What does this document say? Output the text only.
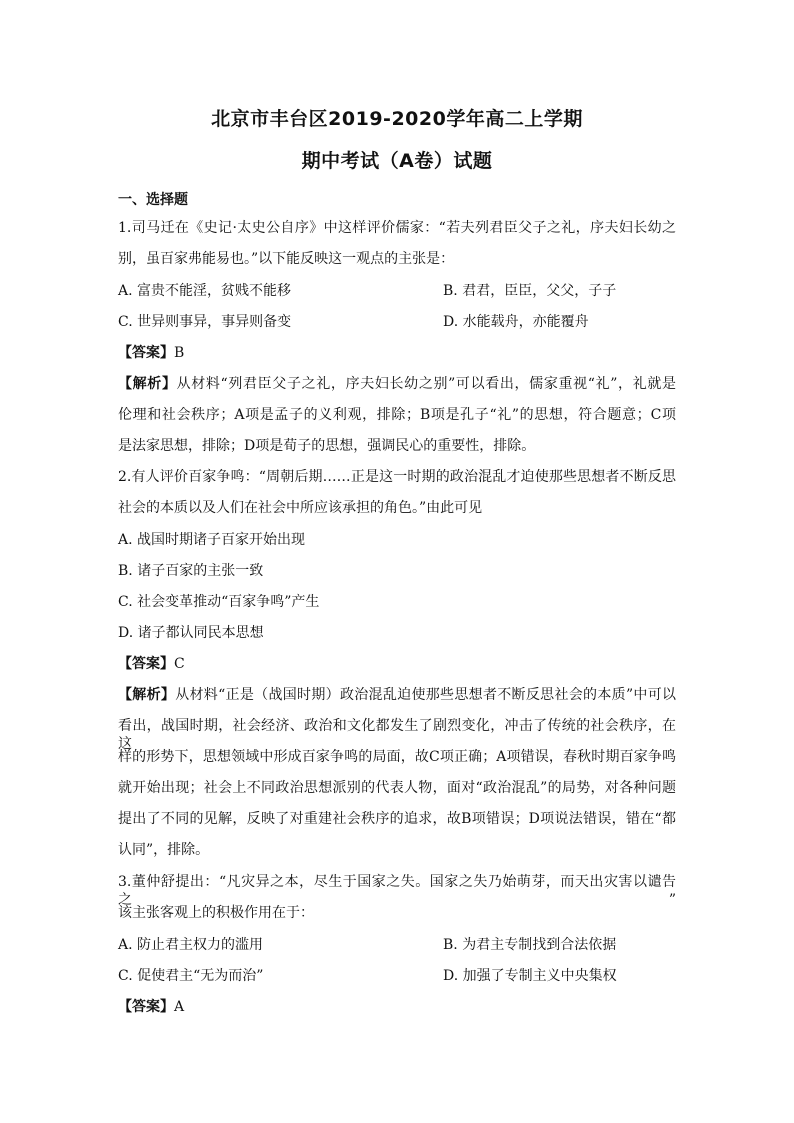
北京市丰台区2019-2020学年高二上学期
期中考试（A卷）试题
一、选择题
1.司马迁在《史记·太史公自序》中这样评价儒家：“若夫列君臣父子之礼，序夫妇长幼之
别，虽百家弗能易也。”以下能反映这一观点的主张是：
A. 富贵不能淫，贫贱不能移	B. 君君，臣臣，父父，子子
C. 世异则事异，事异则备变	D. 水能载舟，亦能覆舟
【答案】B
【解析】从材料“列君臣父子之礼，序夫妇长幼之别”可以看出，儒家重视“礼”，礼就是
伦理和社会秩序；A项是孟子的义利观，排除；B项是孔子“礼”的思想，符合题意；C项
是法家思想，排除；D项是荀子的思想，强调民心的重要性，排除。
2.有人评价百家争鸣：“周朝后期……正是这一时期的政治混乱才迫使那些思想者不断反思
社会的本质以及人们在社会中所应该承担的角色。”由此可见
A. 战国时期诸子百家开始出现
B. 诸子百家的主张一致
C. 社会变革推动“百家争鸣”产生
D. 诸子都认同民本思想
【答案】C
【解析】从材料“正是（战国时期）政治混乱迫使那些思想者不断反思社会的本质”中可以
看出，战国时期，社会经济、政治和文化都发生了剧烈变化，冲击了传统的社会秩序，在这
样的形势下，思想领域中形成百家争鸣的局面，故C项正确；A项错误，春秋时期百家争鸣
就开始出现；社会上不同政治思想派别的代表人物，面对“政治混乱”的局势，对各种问题
提出了不同的见解，反映了对重建社会秩序的追求，故B项错误；D项说法错误，错在“都
认同”，排除。
3.董仲舒提出：“凡灾异之本，尽生于国家之失。国家之失乃始萌芽，而天出灾害以谴告之”
该主张客观上的积极作用在于：
A. 防止君主权力的滥用	B. 为君主专制找到合法依据
C. 促使君主“无为而治”	D. 加强了专制主义中央集权
【答案】A
